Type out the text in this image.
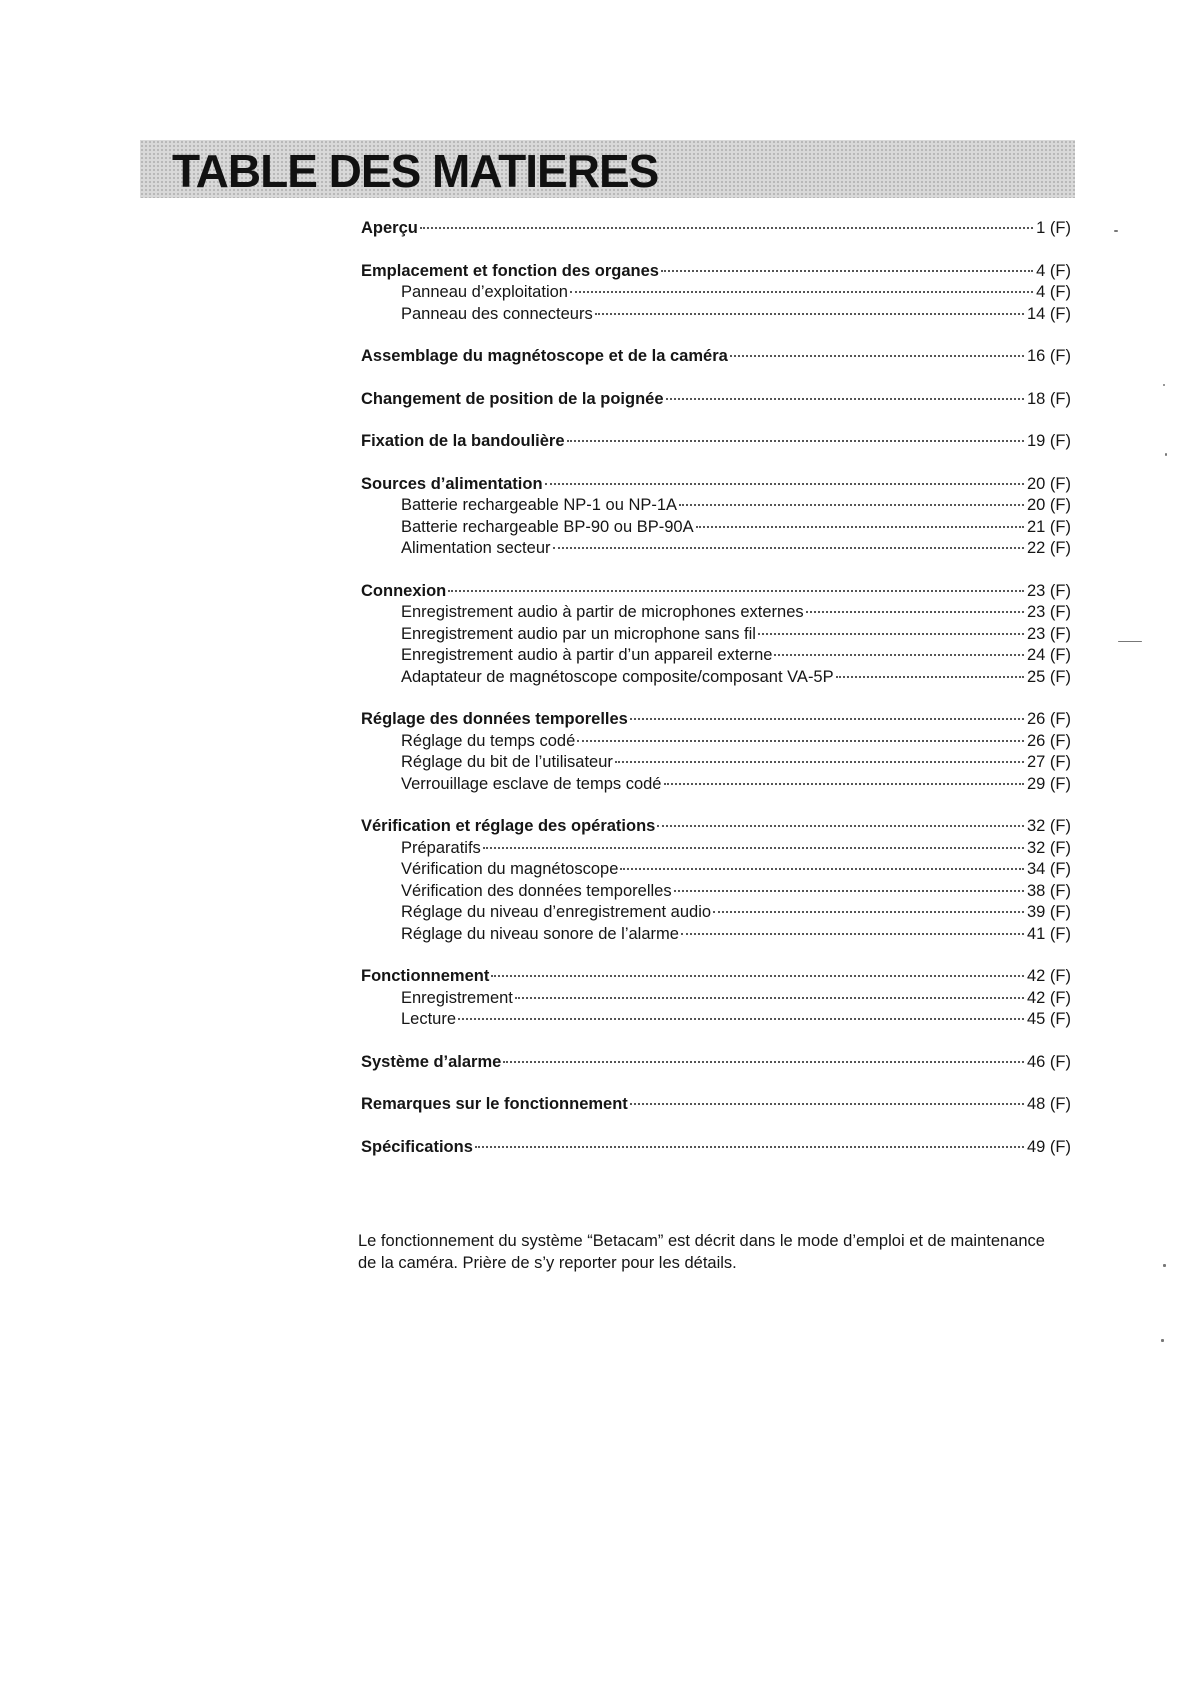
TABLE DES MATIERES
Aperçu	1 (F)
Emplacement et fonction des organes	4 (F)
Panneau d’exploitation	4 (F)
Panneau des connecteurs	14 (F)
Assemblage du magnétoscope et de la caméra	16 (F)
Changement de position de la poignée	18 (F)
Fixation de la bandoulière	19 (F)
Sources d’alimentation	20 (F)
Batterie rechargeable NP-1 ou NP-1A	20 (F)
Batterie rechargeable BP-90 ou BP-90A	21 (F)
Alimentation secteur	22 (F)
Connexion	23 (F)
Enregistrement audio à partir de microphones externes	23 (F)
Enregistrement audio par un microphone sans fil	23 (F)
Enregistrement audio à partir d’un appareil externe	24 (F)
Adaptateur de magnétoscope composite/composant VA-5P	25 (F)
Réglage des données temporelles	26 (F)
Réglage du temps codé	26 (F)
Réglage du bit de l’utilisateur	27 (F)
Verrouillage esclave de temps codé	29 (F)
Vérification et réglage des opérations	32 (F)
Préparatifs	32 (F)
Vérification du magnétoscope	34 (F)
Vérification des données temporelles	38 (F)
Réglage du niveau d’enregistrement audio	39 (F)
Réglage du niveau sonore de l’alarme	41 (F)
Fonctionnement	42 (F)
Enregistrement	42 (F)
Lecture	45 (F)
Système d’alarme	46 (F)
Remarques sur le fonctionnement	48 (F)
Spécifications	49 (F)

Le fonctionnement du système “Betacam” est décrit dans le mode d’emploi et de maintenance de la caméra. Prière de s’y reporter pour les détails.
